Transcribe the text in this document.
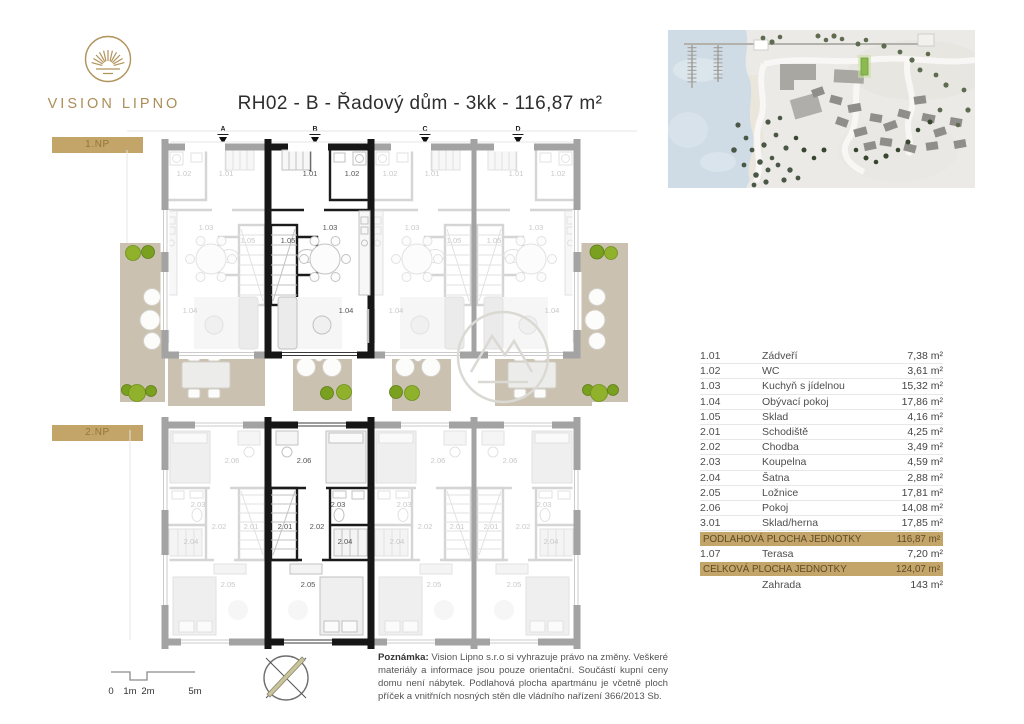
VISION LIPNO	RH02 - B - Řadový dům - 3kk - 116,87 m²
A	B	C	D
1.NP
2.NP
1.01
1.02
1.03
1.05
1.04
1.01	1.02
1.03
1.05
1.04
1.01
1.02
1.03
1.05
1.04
1.01	1.02
1.03
1.05
1.04
2.06
2.03
2.01
2.02
2.04
2.05
2.06
2.03
2.01 2.02
2.04
2.05
2.06
2.03
2.01
2.02
2.04
2.05
2.06
2.03
2.01 2.02
2.04
2.05
1.01	Zádveří	7,38 m²
1.02	WC	3,61 m²
1.03	Kuchyň s jídelnou	15,32 m²
1.04	Obývací pokoj	17,86 m²
1.05	Sklad	4,16 m²
2.01	Schodiště	4,25 m²
2.02	Chodba	3,49 m²
2.03	Koupelna	4,59 m²
2.04	Šatna	2,88 m²
2.05	Ložnice	17,81 m²
2.06	Pokoj	14,08 m²
3.01	Sklad/herna	17,85 m²
PODLAHOVÁ PLOCHA JEDNOTKY	116,87 m²
1.07	Terasa	7,20 m²
CELKOVÁ PLOCHA JEDNOTKY	124,07 m²
Zahrada	143 m²
0 1m 2m	5m
Poznámka: Vision Lipno s.r.o si vyhrazuje právo na změny. Veškeré materiály a informace jsou pouze orientační. Součástí kupní ceny domu není nábytek. Podlahová plocha apartmánu je včetně ploch příček a vnitřních nosných stěn dle vládního nařízení 366/2013 Sb.
